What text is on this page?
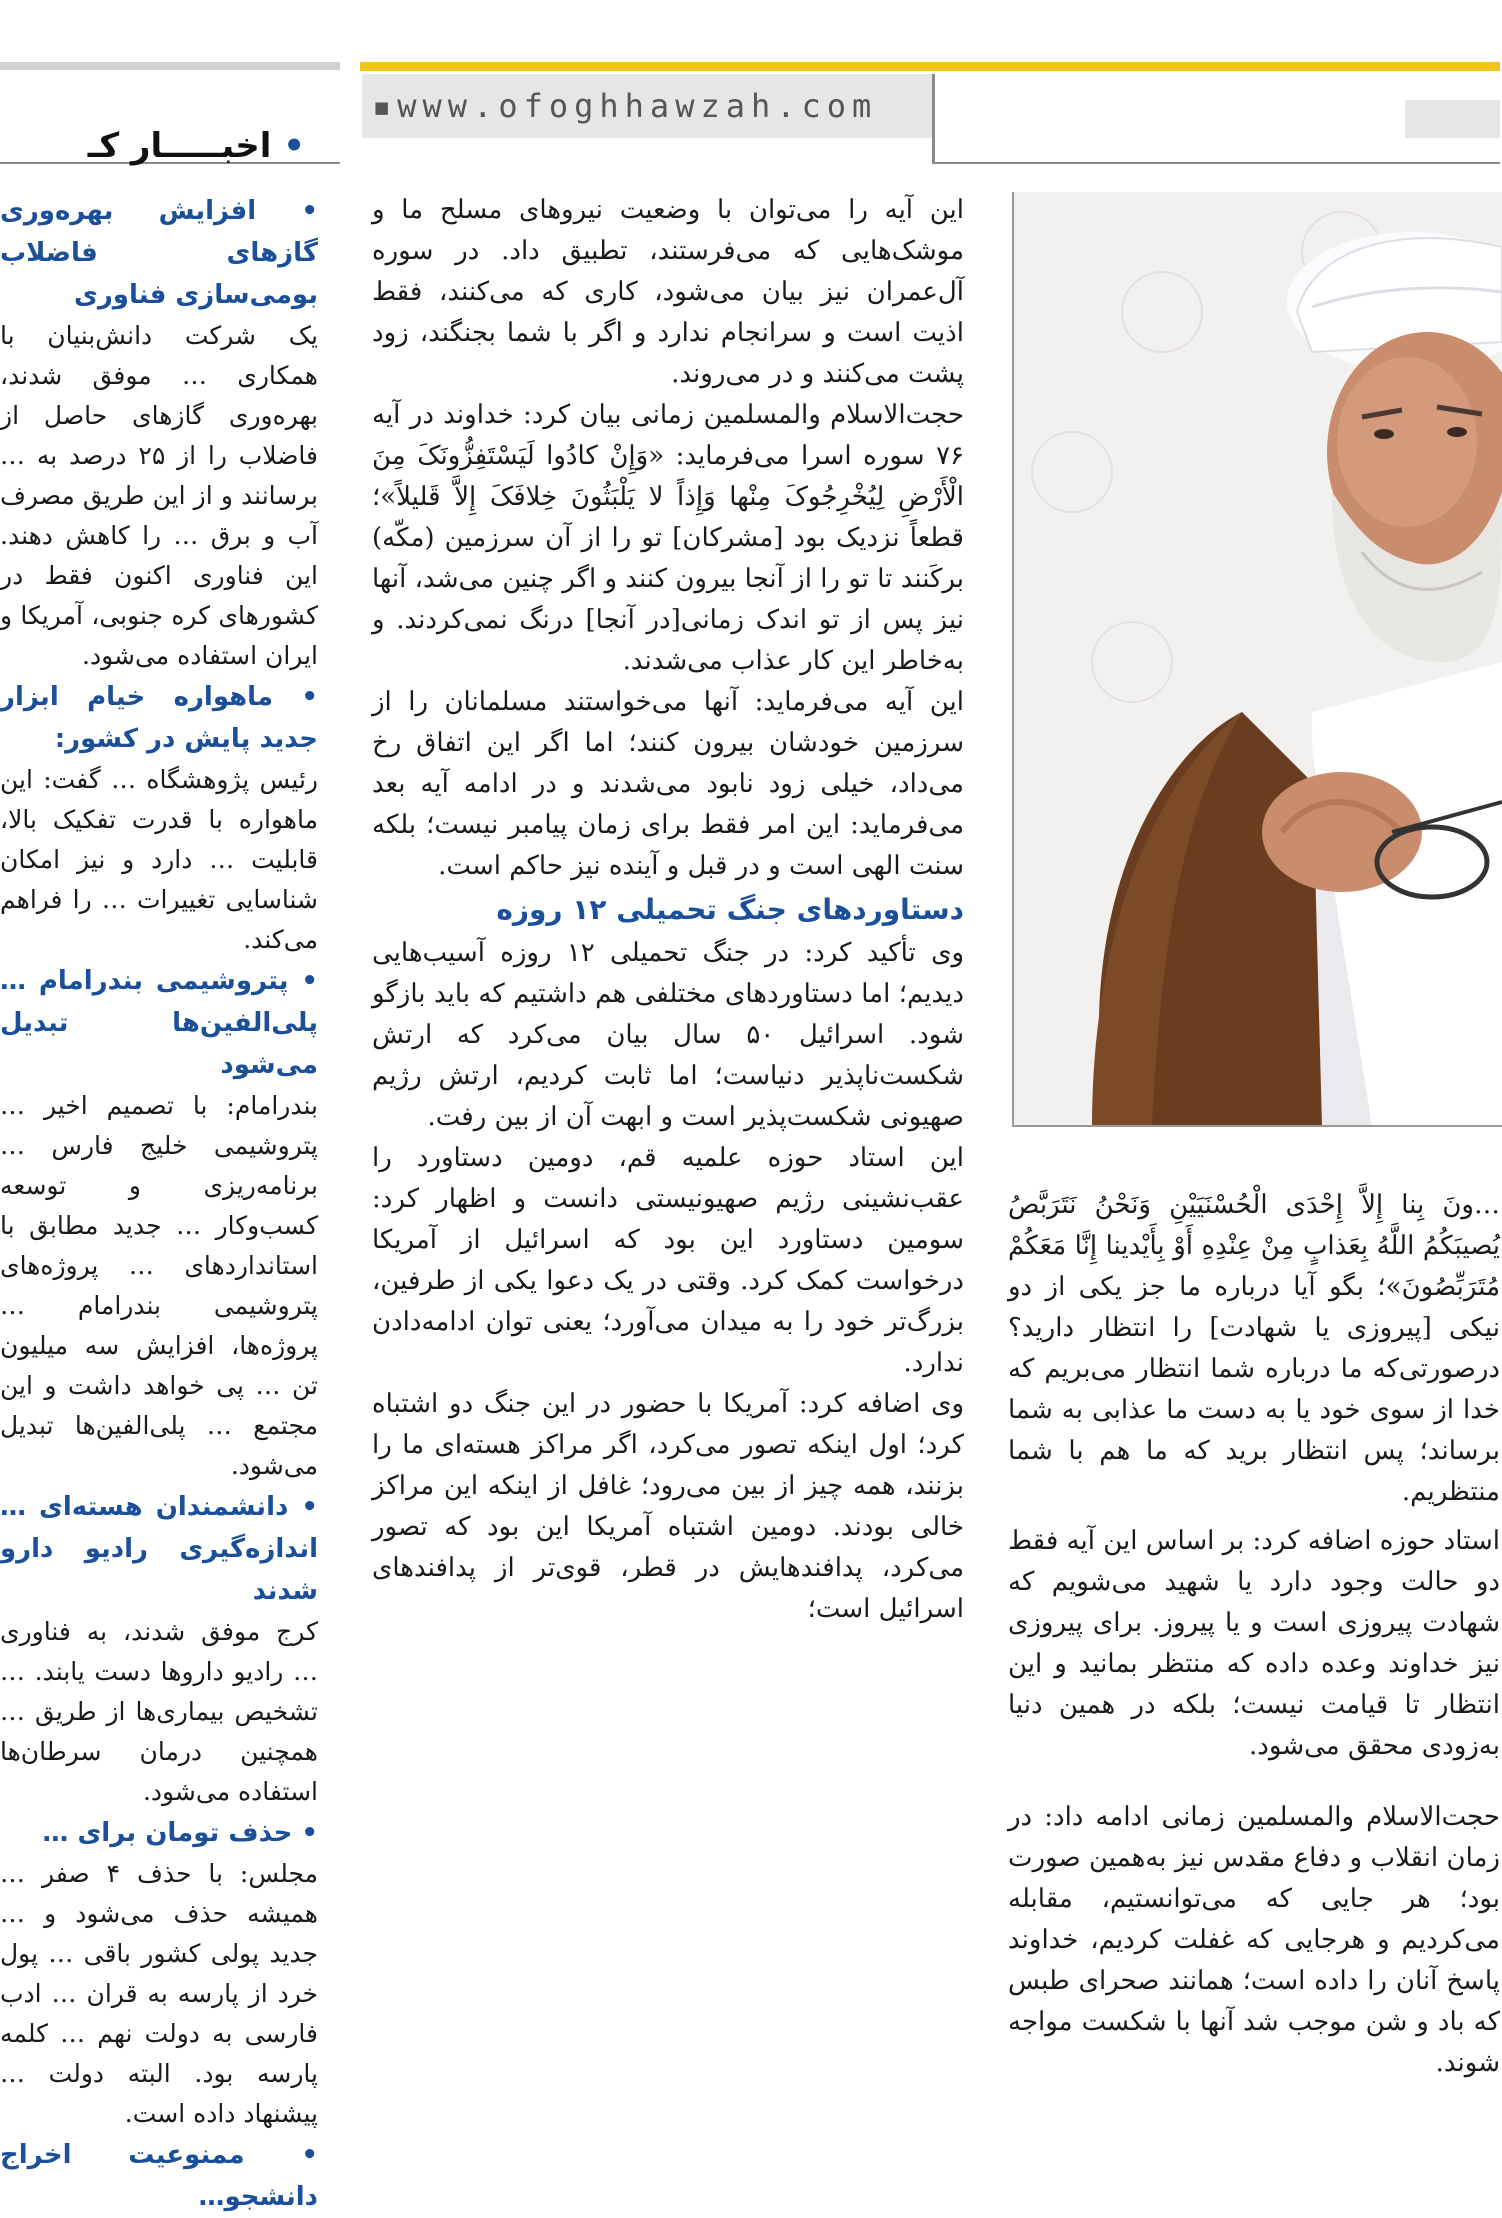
▪www.ofoghhawzah.com
• اخبـــــار کـ

این آیه را می‌توان با وضعیت نیروهای مسلح ما و موشک‌هایی که می‌فرستند، تطبیق داد. در سوره آل‌عمران نیز بیان می‌شود، کاری که می‌کنند، فقط اذیت است و سرانجام ندارد و اگر با شما بجنگند، زود پشت می‌کنند و در می‌روند.

حجت‌الاسلام والمسلمین زمانی بیان کرد: خداوند در آیه ۷۶ سوره اسرا می‌فرماید: «وَإِنْ کادُوا لَیَسْتَفِزُّونَکَ مِنَ الْأَرْضِ لِیُخْرِجُوکَ مِنْها وَإِذاً لا یَلْبَثُونَ خِلافَکَ إِلاَّ قَلیلاً»؛ قطعاً نزدیک بود [مشرکان] تو را از آن سرزمین (مکّه) برکَنند تا تو را از آنجا بیرون کنند و اگر چنین می‌شد، آنها نیز پس از تو اندک زمانی[در آنجا] درنگ نمی‌کردند. و به‌خاطر این کار عذاب می‌شدند.

این آیه می‌فرماید: آنها می‌خواستند مسلمانان را از سرزمین خودشان بیرون کنند؛ اما اگر این اتفاق رخ می‌داد، خیلی زود نابود می‌شدند و در ادامه آیه بعد می‌فرماید: این امر فقط برای زمان پیامبر نیست؛ بلکه سنت الهی است و در قبل و آینده نیز حاکم است.

دستاوردهای جنگ تحمیلی ۱۲ روزه

وی تأکید کرد: در جنگ تحمیلی ۱۲ روزه آسیب‌هایی دیدیم؛ اما دستاوردهای مختلفی هم داشتیم که باید بازگو شود. اسرائیل ۵۰ سال بیان می‌کرد که ارتش شکست‌ناپذیر دنیاست؛ اما ثابت کردیم، ارتش رژیم صهیونی شکست‌پذیر است و ابهت آن از بین رفت.

این استاد حوزه علمیه قم، دومین دستاورد را عقب‌نشینی رژیم صهیونیستی دانست و اظهار کرد: سومین دستاورد این بود که اسرائیل از آمریکا درخواست کمک کرد. وقتی در یک دعوا یکی از طرفین، بزرگ‌تر خود را به میدان می‌آورد؛ یعنی توان ادامه‌دادن ندارد.

وی اضافه کرد: آمریکا با حضور در این جنگ دو اشتباه کرد؛ اول اینکه تصور می‌کرد، اگر مراکز هسته‌ای ما را بزنند، همه چیز از بین می‌رود؛ غافل از اینکه این مراکز خالی بودند. دومین اشتباه آمریکا این بود که تصور می‌کرد، پدافندهایش در قطر، قوی‌تر از پدافندهای اسرائیل است؛

…ونَ بِنا إِلاَّ إِحْدَی الْحُسْنَیَیْنِ وَنَحْنُ نَتَرَبَّصُ یُصیبَکُمُ اللَّهُ بِعَذابٍ مِنْ عِنْدِهِ أَوْ بِأَیْدینا إِنَّا مَعَکُمْ مُتَرَبِّصُونَ»؛ بگو آیا درباره ما جز یکی از دو نیکی [پیروزی یا شهادت] را انتظار دارید؟ درصورتی‌که ما درباره شما انتظار می‌بریم که خدا از سوی خود یا به دست ما عذابی به شما برساند؛ پس انتظار برید که ما هم با شما منتظریم.

استاد حوزه اضافه کرد: بر اساس این آیه فقط دو حالت وجود دارد یا شهید می‌شویم که شهادت پیروزی است و یا پیروز. برای پیروزی نیز خداوند وعده داده که منتظر بمانید و این انتظار تا قیامت نیست؛ بلکه در همین دنیا به‌زودی محقق می‌شود.

حجت‌الاسلام والمسلمین زمانی ادامه داد: در زمان انقلاب و دفاع مقدس نیز به‌همین صورت بود؛ هر جایی که می‌توانستیم، مقابله می‌کردیم و هرجایی که غفلت کردیم، خداوند پاسخ آنان را داده است؛ همانند صحرای طبس که باد و شن موجب شد آنها با شکست مواجه شوند.

• افزایش بهره‌وری گازهای فاضلاب بومی‌سازی فناوری

یک شرکت دانش‌بنیان با همکاری … موفق شدند، بهره‌وری گازهای حاصل از فاضلاب را از ۲۵ درصد به … برسانند و از این طریق مصرف آب و برق … را کاهش دهند. این فناوری اکنون فقط در کشورهای کره جنوبی، آمریکا و ایران استفاده می‌شود.

• ماهواره خیام ابزار جدید پایش در کشور:

رئیس پژوهشگاه … گفت: این ماهواره با قدرت تفکیک بالا، قابلیت … دارد و نیز امکان شناسایی تغییرات … را فراهم می‌کند.

• پتروشیمی بندرامام … پلی‌الفین‌ها تبدیل می‌شود

بندرامام: با تصمیم اخیر … پتروشیمی خلیج فارس … برنامه‌ریزی و توسعه کسب‌وکار … جدید مطابق با استانداردهای … پروژه‌های پتروشیمی بندرامام … پروژه‌ها، افزایش سه میلیون تن … پی خواهد داشت و این مجتمع … پلی‌الفین‌ها تبدیل می‌شود.

• دانشمندان هسته‌ای … اندازه‌گیری رادیو دارو شدند

کرج موفق شدند، به فناوری … رادیو داروها دست یابند. … تشخیص بیماری‌ها از طریق … همچنین درمان سرطان‌ها استفاده می‌شود.

• حذف تومان برای …

مجلس: با حذف ۴ صفر … همیشه حذف می‌شود و … جدید پولی کشور باقی … پول خرد از پارسه به قران … ادب فارسی به دولت نهم … کلمه پارسه بود. البته دولت … پیشنهاد داده است.

• ممنوعیت اخراج دانشجو…
